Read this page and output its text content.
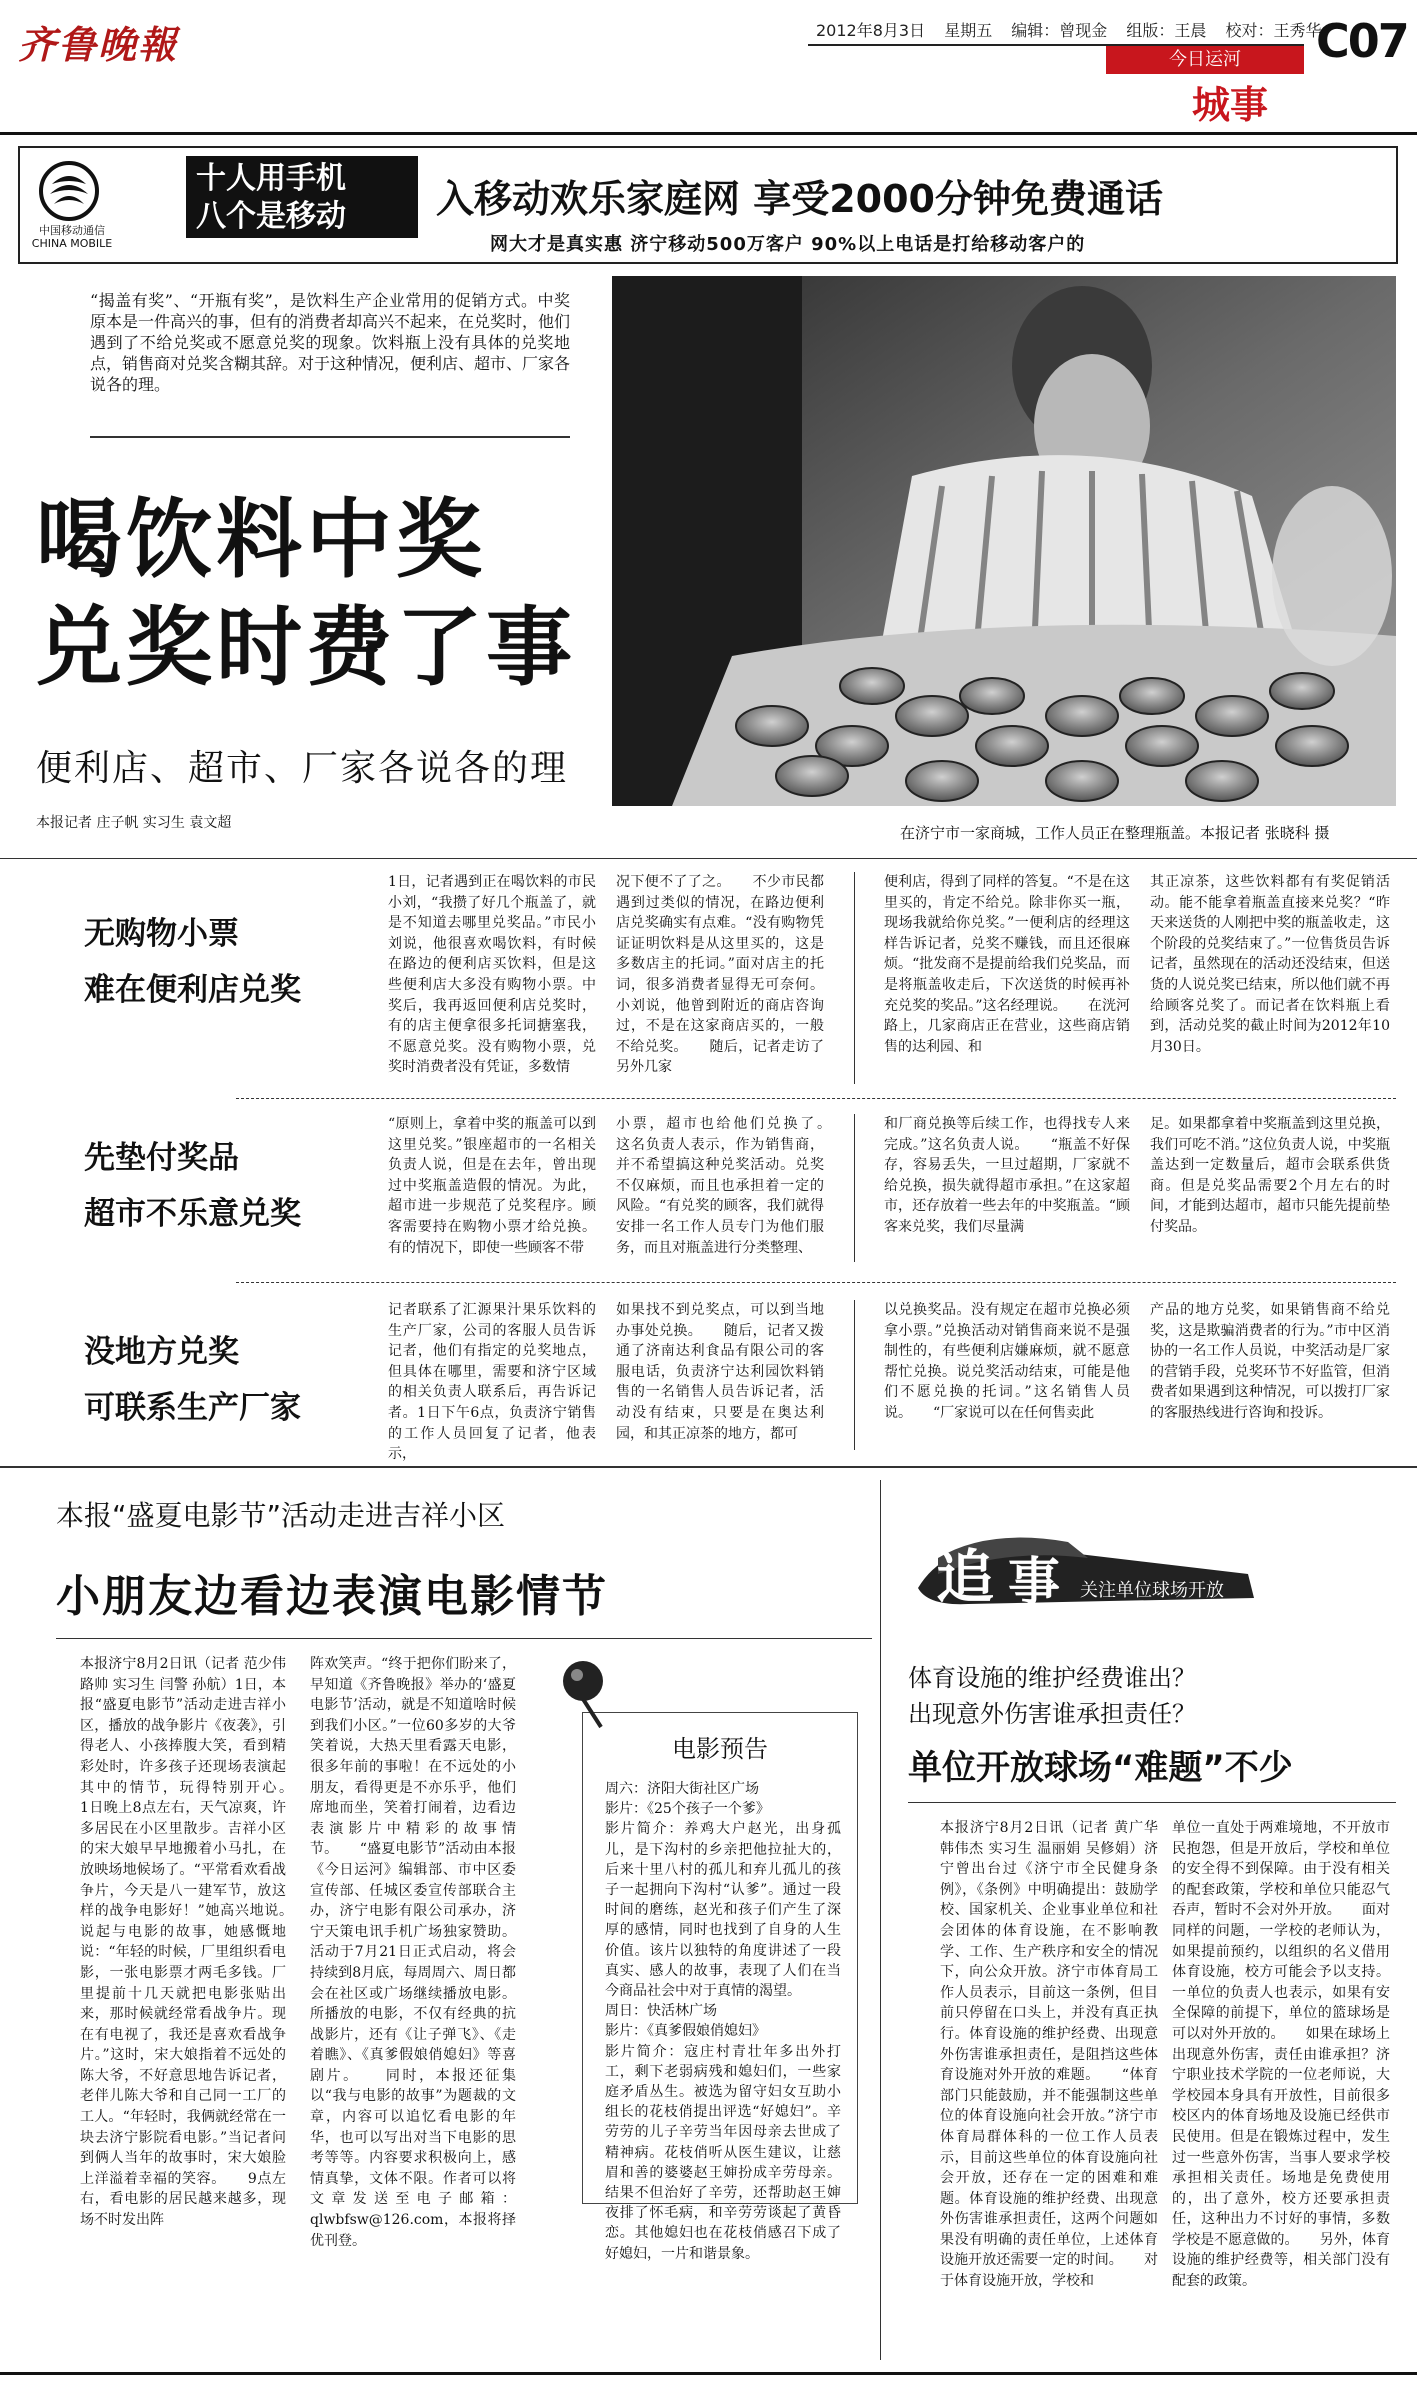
齐鲁晚報	2012年8月3日 星期五 编辑：曾现金 组版：王晨 校对：王秀华
C07
今日运河
城事
中国移动通信
CHINA MOBILE
十人用手机
八个是移动	入移动欢乐家庭网 享受2000分钟免费通话
网大才是真实惠 济宁移动500万客户 90%以上电话是打给移动客户的
“揭盖有奖”、“开瓶有奖”，是饮料生产企业常用的促销方式。中奖原本是一件高兴的事，但有的消费者却高兴不起来，在兑奖时，他们遇到了不给兑奖或不愿意兑奖的现象。饮料瓶上没有具体的兑奖地点，销售商对兑奖含糊其辞。对于这种情况，便利店、超市、厂家各说各的理。
喝饮料中奖
兑奖时费了事
便利店、超市、厂家各说各的理
本报记者 庄子帆 实习生 袁文超
在济宁市一家商城，工作人员正在整理瓶盖。本报记者 张晓科 摄
无购物小票
难在便利店兑奖
1日，记者遇到正在喝饮料的市民小刘，“我攒了好几个瓶盖了，就是不知道去哪里兑奖品。”市民小刘说，他很喜欢喝饮料，有时候在路边的便利店买饮料，但是这些便利店大多没有购物小票。中奖后，我再返回便利店兑奖时，有的店主便拿很多托词搪塞我，不愿意兑奖。没有购物小票，兑奖时消费者没有凭证，多数情
况下便不了了之。　　不少市民都遇到过类似的情况，在路边便利店兑奖确实有点难。“没有购物凭证证明饮料是从这里买的，这是多数店主的托词。”面对店主的托词，很多消费者显得无可奈何。小刘说，他曾到附近的商店咨询过，不是在这家商店买的，一般不给兑奖。　　随后，记者走访了另外几家
便利店，得到了同样的答复。“不是在这里买的，肯定不给兑。除非你买一瓶，现场我就给你兑奖。”一便利店的经理这样告诉记者，兑奖不赚钱，而且还很麻烦。“批发商不是提前给我们兑奖品，而是将瓶盖收走后，下次送货的时候再补充兑奖的奖品。”这名经理说。　　在洸河路上，几家商店正在营业，这些商店销售的达利园、和
其正凉茶，这些饮料都有有奖促销活动。能不能拿着瓶盖直接来兑奖？“昨天来送货的人刚把中奖的瓶盖收走，这个阶段的兑奖结束了。”一位售货员告诉记者，虽然现在的活动还没结束，但送货的人说兑奖已结束，所以他们就不再给顾客兑奖了。而记者在饮料瓶上看到，活动兑奖的截止时间为2012年10月30日。
先垫付奖品
超市不乐意兑奖
“原则上，拿着中奖的瓶盖可以到这里兑奖。”银座超市的一名相关负责人说，但是在去年，曾出现过中奖瓶盖造假的情况。为此，超市进一步规范了兑奖程序。顾客需要持在购物小票才给兑换。有的情况下，即使一些顾客不带
小票，超市也给他们兑换了。　　这名负责人表示，作为销售商，并不希望搞这种兑奖活动。兑奖不仅麻烦，而且也承担着一定的风险。“有兑奖的顾客，我们就得安排一名工作人员专门为他们服务，而且对瓶盖进行分类整理、
和厂商兑换等后续工作，也得找专人来完成。”这名负责人说。　　“瓶盖不好保存，容易丢失，一旦过超期，厂家就不给兑换，损失就得超市承担。”在这家超市，还存放着一些去年的中奖瓶盖。“顾客来兑奖，我们尽量满
足。如果都拿着中奖瓶盖到这里兑换，我们可吃不消。”这位负责人说，中奖瓶盖达到一定数量后，超市会联系供货商。但是兑奖品需要2个月左右的时间，才能到达超市，超市只能先提前垫付奖品。
没地方兑奖
可联系生产厂家
记者联系了汇源果汁果乐饮料的生产厂家，公司的客服人员告诉记者，他们有指定的兑奖地点，但具体在哪里，需要和济宁区域的相关负责人联系后，再告诉记者。1日下午6点，负责济宁销售的工作人员回复了记者，他表示，
如果找不到兑奖点，可以到当地办事处兑换。　　随后，记者又拨通了济南达利食品有限公司的客服电话，负责济宁达利园饮料销售的一名销售人员告诉记者，活动没有结束，只要是在奥达利园，和其正凉茶的地方，都可
以兑换奖品。没有规定在超市兑换必须拿小票。”兑换活动对销售商来说不是强制性的，有些便利店嫌麻烦，就不愿意帮忙兑换。说兑奖活动结束，可能是他们不愿兑换的托词。”这名销售人员说。　　“厂家说可以在任何售卖此
产品的地方兑奖，如果销售商不给兑奖，这是欺骗消费者的行为。”市中区消协的一名工作人员说，中奖活动是厂家的营销手段，兑奖环节不好监管，但消费者如果遇到这种情况，可以拨打厂家的客服热线进行咨询和投诉。
本报“盛夏电影节”活动走进吉祥小区
小朋友边看边表演电影情节
本报济宁8月2日讯（记者 范少伟 路帅 实习生 闫警 孙航）1日，本报“盛夏电影节”活动走进吉祥小区，播放的战争影片《夜袭》，引得老人、小孩捧腹大笑，看到精彩处时，许多孩子还现场表演起其中的情节，玩得特别开心。　　1日晚上8点左右，天气凉爽，许多居民在小区里散步。吉祥小区的宋大娘早早地搬着小马扎，在放映场地候场了。“平常看欢看战争片，今天是八一建军节，放这样的战争电影好！”她高兴地说。　　说起与电影的故事，她感慨地说：“年轻的时候，厂里组织看电影，一张电影票才两毛多钱。厂里提前十几天就把电影张贴出来，那时候就经常看战争片。现在有电视了，我还是喜欢看战争片。”这时，宋大娘指着不远处的陈大爷，不好意思地告诉记者，老伴儿陈大爷和自己同一工厂的工人。“年轻时，我俩就经常在一块去济宁影院看电影。”当记者问到俩人当年的故事时，宋大娘脸上洋溢着幸福的笑容。　　9点左右，看电影的居民越来越多，现场不时发出阵
阵欢笑声。“终于把你们盼来了，早知道《齐鲁晚报》举办的‘盛夏电影节’活动，就是不知道啥时候到我们小区。”一位60多岁的大爷笑着说，大热天里看露天电影，很多年前的事啦！在不远处的小朋友，看得更是不亦乐乎，他们席地而坐，笑着打闹着，边看边表演影片中精彩的故事情节。　　“盛夏电影节”活动由本报《今日运河》编辑部、市中区委宣传部、任城区委宣传部联合主办，济宁电影有限公司承办，济宁天策电讯手机广场独家赞助。活动于7月21日正式启动，将会持续到8月底，每周周六、周日都会在社区或广场继续播放电影。所播放的电影，不仅有经典的抗战影片，还有《让子弹飞》、《走着瞧》、《真爹假娘俏媳妇》等喜剧片。　　同时，本报还征集以“我与电影的故事”为题裁的文章，内容可以追忆看电影的年华，也可以写出对当下电影的思考等等。内容要求积极向上，感情真挚，文体不限。作者可以将文章发送至电子邮箱：qlwbfsw@126.com，本报将择优刊登。
电影预告
周六：济阳大街社区广场
影片：《25个孩子一个爹》
影片简介：养鸡大户赵光，出身孤儿，是下沟村的乡亲把他拉扯大的，后来十里八村的孤儿和弃儿孤儿的孩子一起拥向下沟村“认爹”。通过一段时间的磨练，赵光和孩子们产生了深厚的感情，同时也找到了自身的人生价值。该片以独特的角度讲述了一段真实、感人的故事，表现了人们在当今商品社会中对于真情的渴望。
周日：快活林广场
影片：《真爹假娘俏媳妇》
影片简介：寇庄村青壮年多出外打工，剩下老弱病残和媳妇们，一些家庭矛盾丛生。被选为留守妇女互助小组长的花枝俏提出评选“好媳妇”。辛劳劳的儿子辛劳当年因母亲去世成了精神病。花枝俏听从医生建议，让慈眉和善的婆婆赵王婶扮成辛劳母亲。结果不但治好了辛劳，还帮助赵王婶夜排了怀毛病，和辛劳劳谈起了黄昏恋。其他媳妇也在花枝俏感召下成了好媳妇，一片和谐景象。
zhuishi
追 事 关注单位球场开放
体育设施的维护经费谁出？
出现意外伤害谁承担责任？
单位开放球场“难题”不少
本报济宁8月2日讯（记者 黄广华 韩伟杰 实习生 温丽娟 吴修娟）济宁曾出台过《济宁市全民健身条例》，《条例》中明确提出：鼓励学校、国家机关、企业事业单位和社会团体的体育设施，在不影响教学、工作、生产秩序和安全的情况下，向公众开放。济宁市体育局工作人员表示，目前这一条例，但目前只停留在口头上，并没有真正执行。体育设施的维护经费、出现意外伤害谁承担责任，是阻挡这些体育设施对外开放的难题。　　“体育部门只能鼓励，并不能强制这些单位的体育设施向社会开放。”济宁市体育局群体科的一位工作人员表示，目前这些单位的体育设施向社会开放，还存在一定的困难和难题。体育设施的维护经费、出现意外伤害谁承担责任，这两个问题如果没有明确的责任单位，上述体育设施开放还需要一定的时间。　　对于体育设施开放，学校和
单位一直处于两难境地，不开放市民抱怨，但是开放后，学校和单位的安全得不到保障。由于没有相关的配套政策，学校和单位只能忍气吞声，暂时不会对外开放。　　面对同样的问题，一学校的老师认为，如果提前预约，以组织的名义借用体育设施，校方可能会予以支持。一单位的负责人也表示，如果有安全保障的前提下，单位的篮球场是可以对外开放的。　　如果在球场上出现意外伤害，责任由谁承担？济宁职业技术学院的一位老师说，大学校园本身具有开放性，目前很多校区内的体育场地及设施已经供市民使用。但是在锻炼过程中，发生过一些意外伤害，当事人要求学校承担相关责任。场地是免费使用的，出了意外，校方还要承担责任，这种出力不讨好的事情，多数学校是不愿意做的。　　另外，体育设施的维护经费等，相关部门没有配套的政策。
